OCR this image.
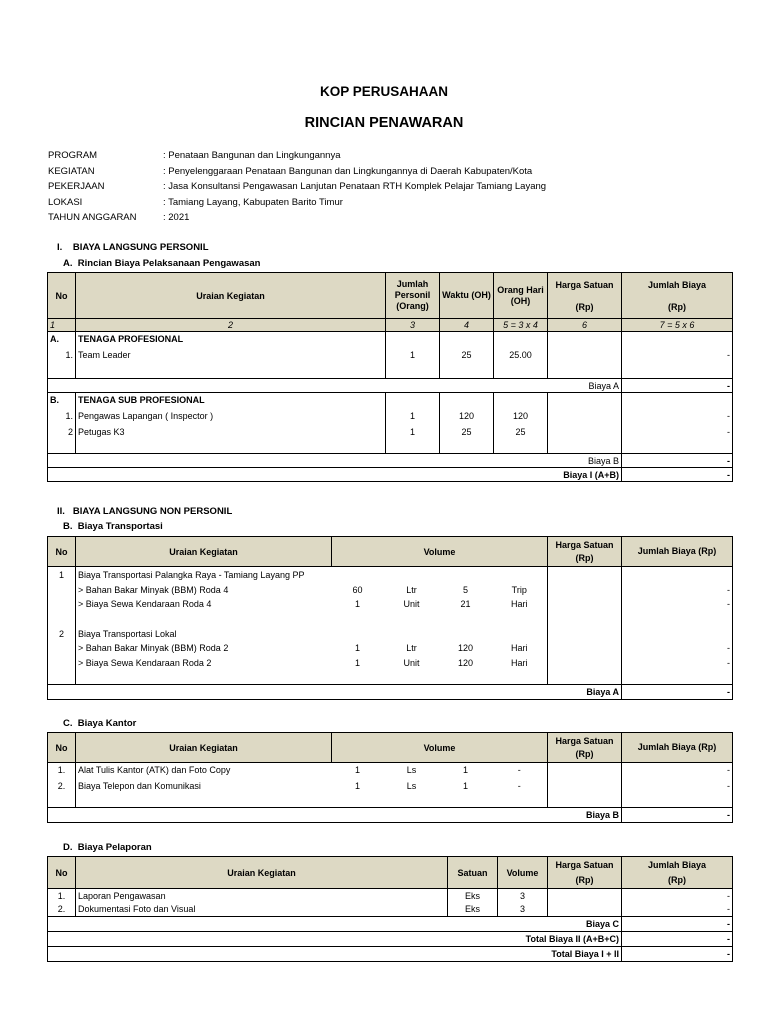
KOP PERUSAHAAN
RINCIAN PENAWARAN
PROGRAM	: Penataan Bangunan dan Lingkungannya
KEGIATAN	: Penyelenggaraan Penataan Bangunan dan Lingkungannya di Daerah Kabupaten/Kota
PEKERJAAN	: Jasa Konsultansi Pengawasan Lanjutan Penataan RTH Komplek Pelajar Tamiang Layang
LOKASI	: Tamiang Layang, Kabupaten Barito Timur
TAHUN ANGGARAN	: 2021
I.    BIAYA LANGSUNG PERSONIL
A.  Rincian Biaya Pelaksanaan Pengawasan
No	Uraian Kegiatan	Jumlah Personil (Orang)	Waktu (OH)	Orang Hari (OH)	Harga Satuan
(Rp)	Jumlah Biaya
(Rp)
1	2	3	4	5 = 3 x 4	6	7 = 5 x 6
A.	TENAGA PROFESIONAL					
1.	Team Leader	1	25	25.00		-

Biaya A						-
B.	TENAGA SUB PROFESIONAL					
1.	Pengawas Lapangan ( Inspector )	1	120	120		-
2	Petugas K3	1	25	25		-

Biaya B						-
Biaya I (A+B)						-
II.   BIAYA LANGSUNG NON PERSONIL
B.  Biaya Transportasi
No	Uraian Kegiatan	Volume				Harga Satuan (Rp)	Jumlah Biaya (Rp)
1	Biaya Transportasi Palangka Raya - Tamiang Layang PP						
	> Bahan Bakar Minyak (BBM) Roda 4	60	Ltr	5	Trip		-
	> Biaya Sewa Kendaraan Roda 4	1	Unit	21	Hari		-

2	Biaya Transportasi Lokal						
	> Bahan Bakar Minyak (BBM) Roda 2	1	Ltr	120	Hari		-
	> Biaya Sewa Kendaraan Roda 2	1	Unit	120	Hari		-

Biaya A							-
C.  Biaya Kantor
No	Uraian Kegiatan	Volume				Harga Satuan (Rp)	Jumlah Biaya (Rp)
1.	Alat Tulis Kantor (ATK) dan Foto Copy	1	Ls	1	-		-
2.	Biaya Telepon dan Komunikasi	1	Ls	1	-		-

Biaya B							-
D.  Biaya Pelaporan
No	Uraian Kegiatan	Satuan	Volume	Harga Satuan
(Rp)	Jumlah Biaya
(Rp)
1.	Laporan Pengawasan	Eks	3		-
2.	Dokumentasi Foto dan Visual	Eks	3		-
Biaya C					-
Total Biaya II (A+B+C)					-
Total Biaya I + II					-
